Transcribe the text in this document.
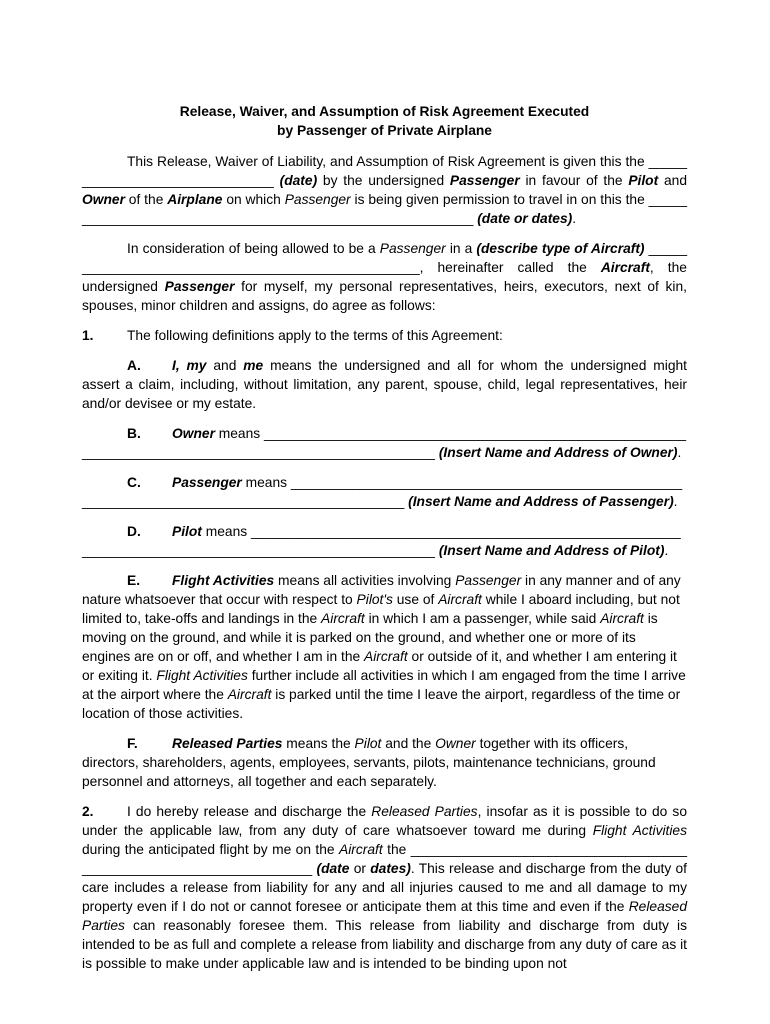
Release, Waiver, and Assumption of Risk Agreement Executed
by Passenger of Private Airplane

This Release, Waiver of Liability, and Assumption of Risk Agreement is given this the ______________________________ (date) by the undersigned Passenger in favour of the Pilot and Owner of the Airplane on which Passenger is being given permission to travel in on this the ________________________________________________________ (date or dates).

In consideration of being allowed to be a Passenger in a (describe type of Aircraft) _________________________________________________, hereinafter called the Aircraft, the undersigned Passenger for myself, my personal representatives, heirs, executors, next of kin, spouses, minor children and assigns, do agree as follows:

1. The following definitions apply to the terms of this Agreement:

A. I, my and me means the undersigned and all for whom the undersigned might assert a claim, including, without limitation, any parent, spouse, child, legal representatives, heir and/or devisee or my estate.

B. Owner means _____________________________________________________________________________________________________ (Insert Name and Address of Owner).

C. Passenger means _____________________________________________________________________________________________ (Insert Name and Address of Passenger).

D. Pilot means ______________________________________________________________________________________________________ (Insert Name and Address of Pilot).

E. Flight Activities means all activities involving Passenger in any manner and of any nature whatsoever that occur with respect to Pilot's use of Aircraft while I aboard including, but not limited to, take-offs and landings in the Aircraft in which I am a passenger, while said Aircraft is moving on the ground, and while it is parked on the ground, and whether one or more of its engines are on or off, and whether I am in the Aircraft or outside of it, and whether I am entering it or exiting it. Flight Activities further include all activities in which I am engaged from the time I arrive at the airport where the Aircraft is parked until the time I leave the airport, regardless of the time or location of those activities.

F. Released Parties means the Pilot and the Owner together with its officers, directors, shareholders, agents, employees, servants, pilots, maintenance technicians, ground personnel and attorneys, all together and each separately.

2. I do hereby release and discharge the Released Parties, insofar as it is possible to do so under the applicable law, from any duty of care whatsoever toward me during Flight Activities during the anticipated flight by me on the Aircraft the __________________________________________________________________ (date or dates). This release and discharge from the duty of care includes a release from liability for any and all injuries caused to me and all damage to my property even if I do not or cannot foresee or anticipate them at this time and even if the Released Parties can reasonably foresee them. This release from liability and discharge from duty is intended to be as full and complete a release from liability and discharge from any duty of care as it is possible to make under applicable law and is intended to be binding upon not
